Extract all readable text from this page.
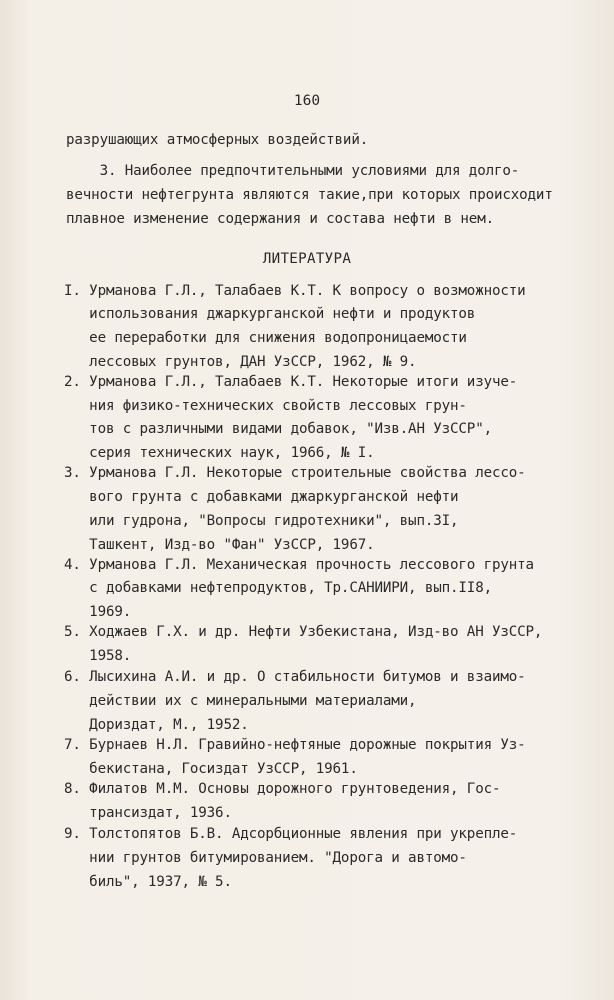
160
разрушающих атмосферных воздействий.
3. Наиболее предпочтительными условиями для долго-
вечности нефтегрунта являются такие,при которых происходит
плавное изменение содержания и состава нефти в нем.
ЛИТЕРАТУРА
I. Урманова Г.Л., Талабаев К.Т. К вопросу о возможности
использования джаркурганской нефти и продуктов
ее переработки для снижения водопроницаемости
лессовых грунтов, ДАН УзССР, 1962, № 9.
2. Урманова Г.Л., Талабаев К.Т. Некоторые итоги изуче-
ния физико-технических свойств лессовых грун-
тов с различными видами добавок, "Изв.АН УзССР",
серия технических наук, 1966, № I.
3. Урманова Г.Л. Некоторые строительные свойства лессо-
вого грунта с добавками джаркурганской нефти
или гудрона, "Вопросы гидротехники", вып.3I,
Ташкент, Изд-во "Фан" УзССР, 1967.
4. Урманова Г.Л. Механическая прочность лессового грунта
с добавками нефтепродуктов, Тр.САНИИРИ, вып.II8,
1969.
5. Ходжаев Г.Х. и др. Нефти Узбекистана, Изд-во АН УзССР,
1958.
6. Лысихина А.И. и др. О стабильности битумов и взаимо-
действии их с минеральными материалами,
Дориздат, М., 1952.
7. Бурнаев Н.Л. Гравийно-нефтяные дорожные покрытия Уз-
бекистана, Госиздат УзССР, 1961.
8. Филатов М.М. Основы дорожного грунтоведения, Гос-
трансиздат, 1936.
9. Толстопятов Б.В. Адсорбционные явления при укрепле-
нии грунтов битумированием. "Дорога и автомо-
биль", 1937, № 5.
